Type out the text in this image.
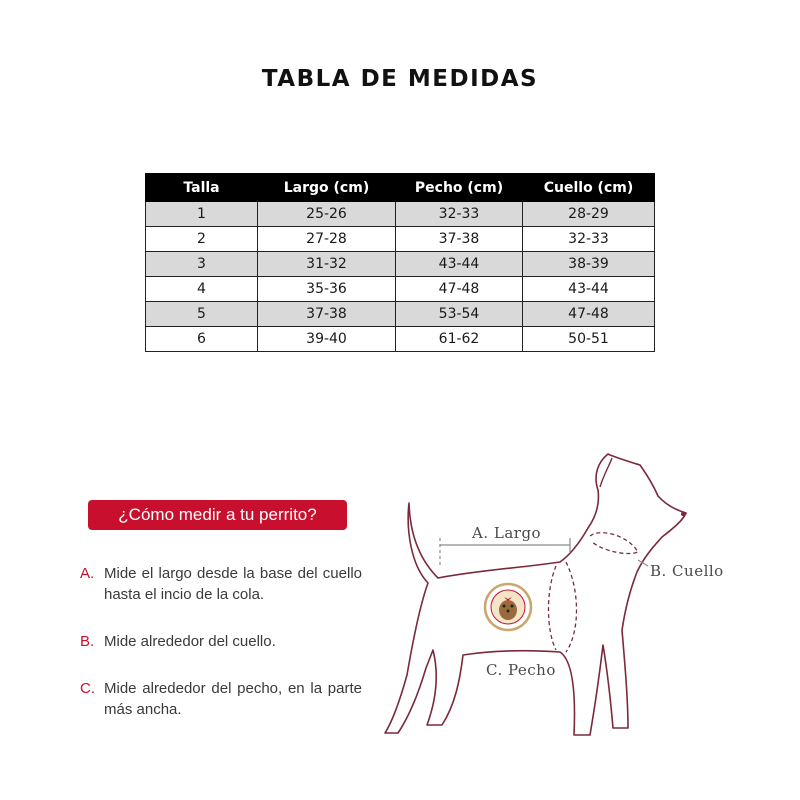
TABLA DE MEDIDAS
Talla	Largo (cm)	Pecho (cm)	Cuello (cm)
1	25-26	32-33	28-29
2	27-28	37-38	32-33
3	31-32	43-44	38-39
4	35-36	47-48	43-44
5	37-38	53-54	47-48
6	39-40	61-62	50-51
¿Cómo medir a tu perrito?
A. Mide el largo desde la base del cuello hasta el incio de la cola.
B. Mide alrededor del cuello.
C. Mide alrededor del pecho, en la parte más ancha.
A. Largo
B. Cuello
C. Pecho
